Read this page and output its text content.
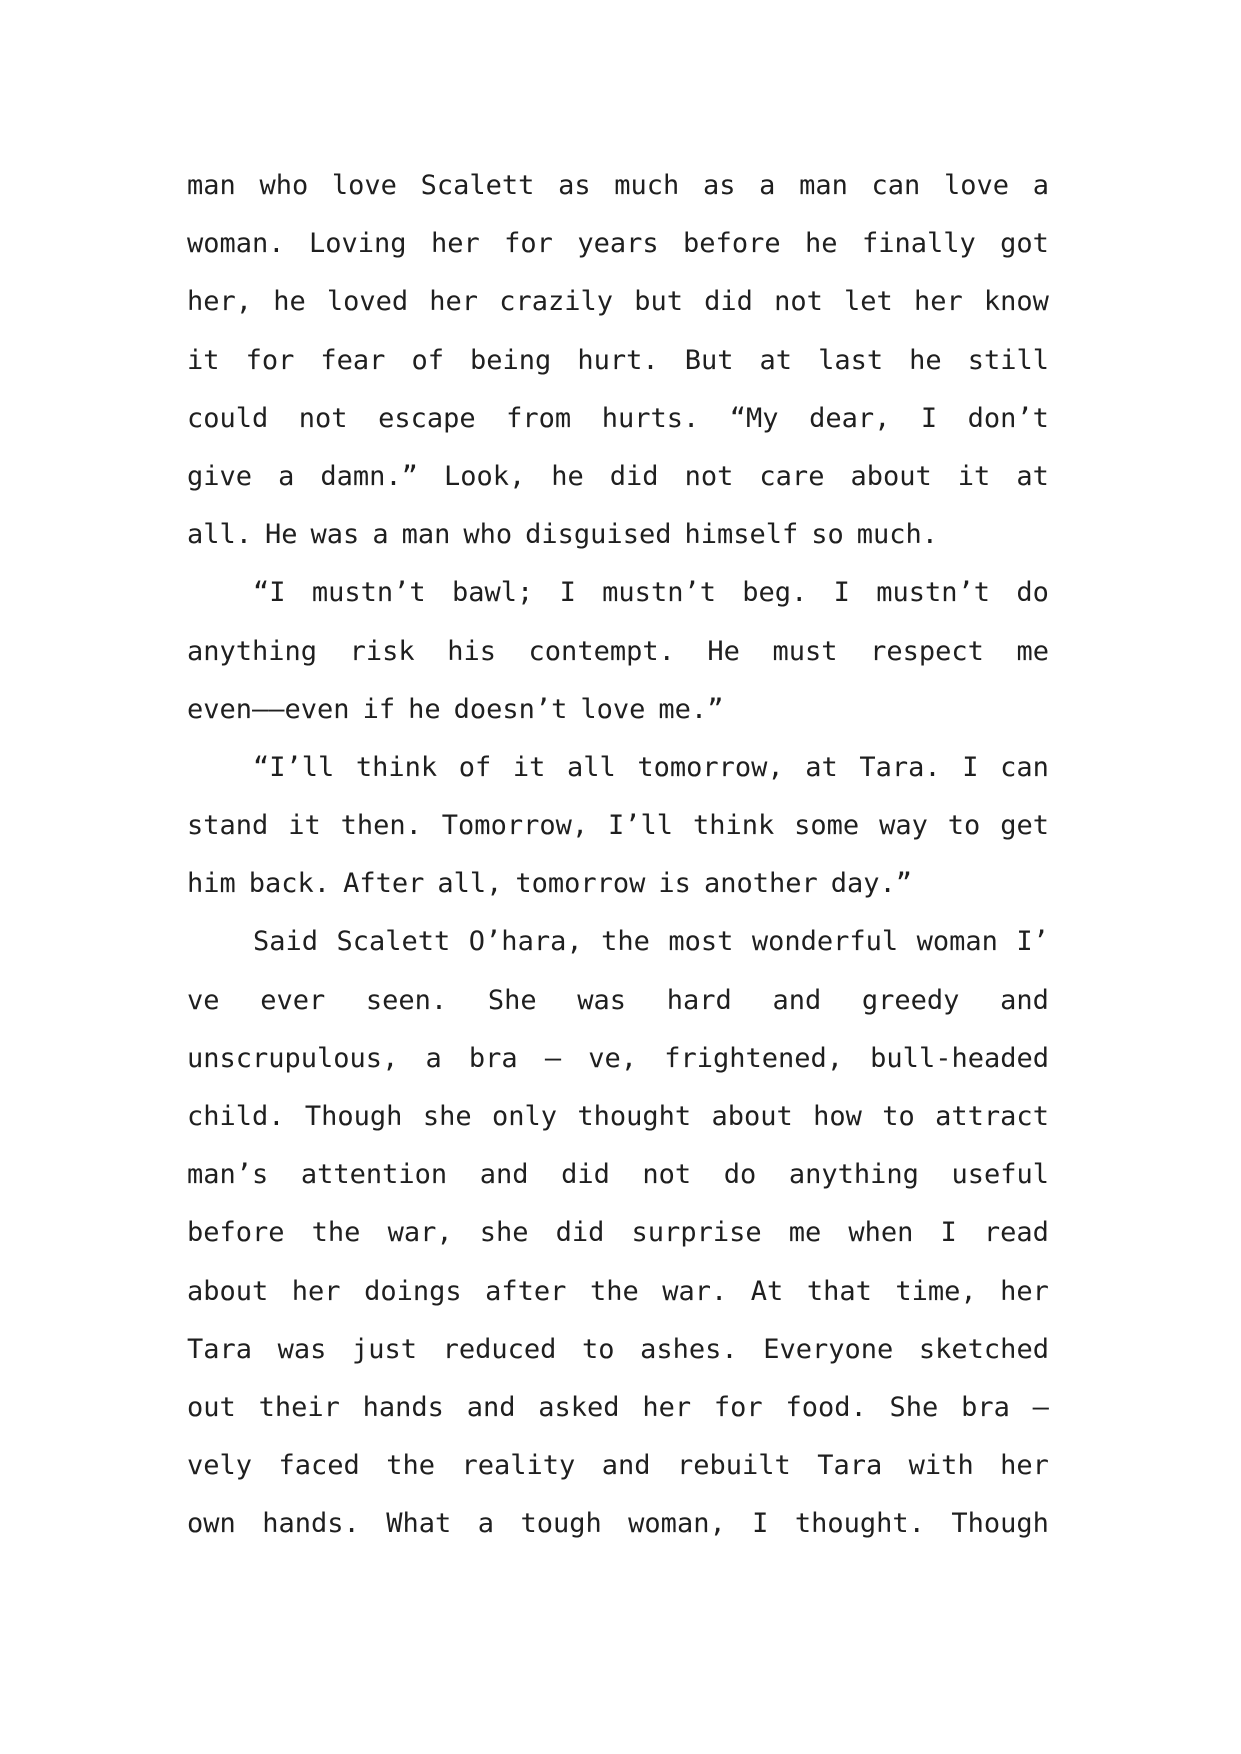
man who love Scalett as much as a man can love a
woman. Loving her for years before he finally got
her, he loved her crazily but did not let her know
it for fear of being hurt. But at last he still
could not escape from hurts. “My dear, I don’t
give a damn.” Look, he did not care about it at
all. He was a man who disguised himself so much.
“I mustn’t bawl; I mustn’t beg. I mustn’t do
anything risk his contempt. He must respect me
even——even if he doesn’t love me.”
“I’ll think of it all tomorrow, at Tara. I can
stand it then. Tomorrow, I’ll think some way to get
him back. After all, tomorrow is another day.”
Said Scalett O’hara, the most wonderful woman I’
ve ever seen. She was hard and greedy and
unscrupulous, a bra — ve, frightened, bull-headed
child. Though she only thought about how to attract
man’s attention and did not do anything useful
before the war, she did surprise me when I read
about her doings after the war. At that time, her
Tara was just reduced to ashes. Everyone sketched
out their hands and asked her for food. She bra —
vely faced the reality and rebuilt Tara with her
own hands. What a tough woman, I thought. Though
